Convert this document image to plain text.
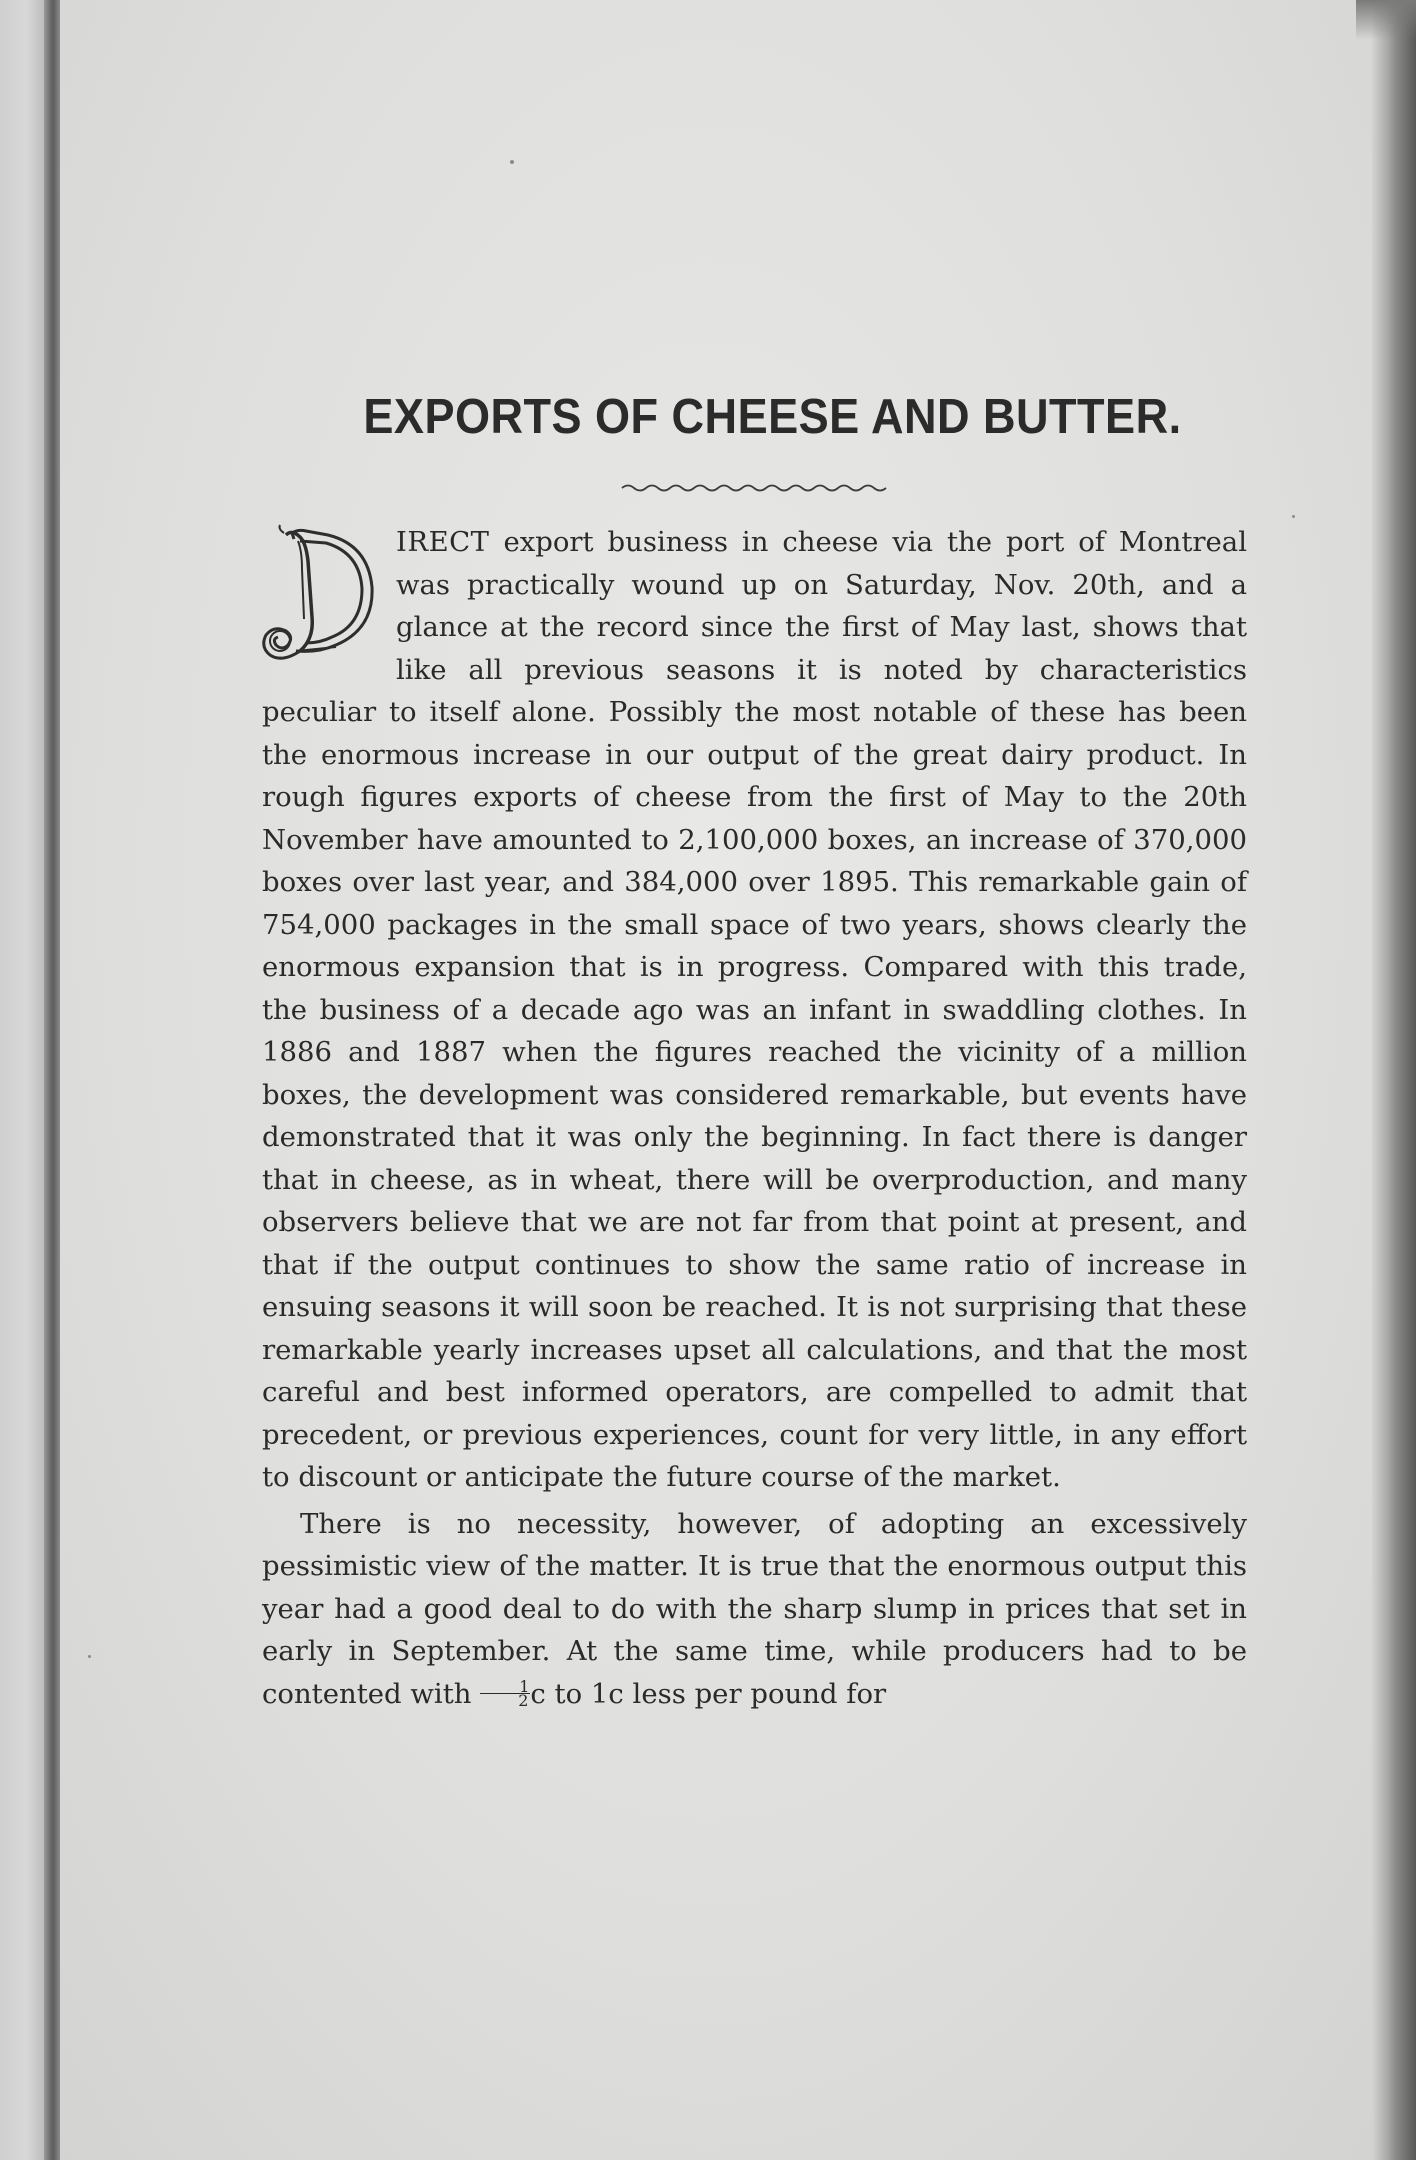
EXPORTS OF CHEESE AND BUTTER.

IRECT export business in cheese via the port of Montreal was practically wound up on Saturday, Nov. 20th, and a glance at the record since the first of May last, shows that like all previous seasons it is noted by characteristics peculiar to itself alone. Possibly the most notable of these has been the enormous increase in our output of the great dairy product. In rough figures exports of cheese from the first of May to the 20th November have amounted to 2,100,000 boxes, an increase of 370,000 boxes over last year, and 384,000 over 1895. This remarkable gain of 754,000 packages in the small space of two years, shows clearly the enormous expansion that is in progress. Compared with this trade, the business of a decade ago was an infant in swaddling clothes. In 1886 and 1887 when the figures reached the vicinity of a million boxes, the development was considered remarkable, but events have demonstrated that it was only the beginning. In fact there is danger that in cheese, as in wheat, there will be overproduction, and many observers believe that we are not far from that point at present, and that if the output continues to show the same ratio of increase in ensuing seasons it will soon be reached. It is not surprising that these remarkable yearly increases upset all calculations, and that the most careful and best informed operators, are compelled to admit that precedent, or previous experiences, count for very little, in any effort to discount or anticipate the future course of the market.

There is no necessity, however, of adopting an excessively pessimistic view of the matter. It is true that the enormous output this year had a good deal to do with the sharp slump in prices that set in early in September. At the same time, while producers had to be contented with $\frac{1}{2}$ c to 1c less per pound for
